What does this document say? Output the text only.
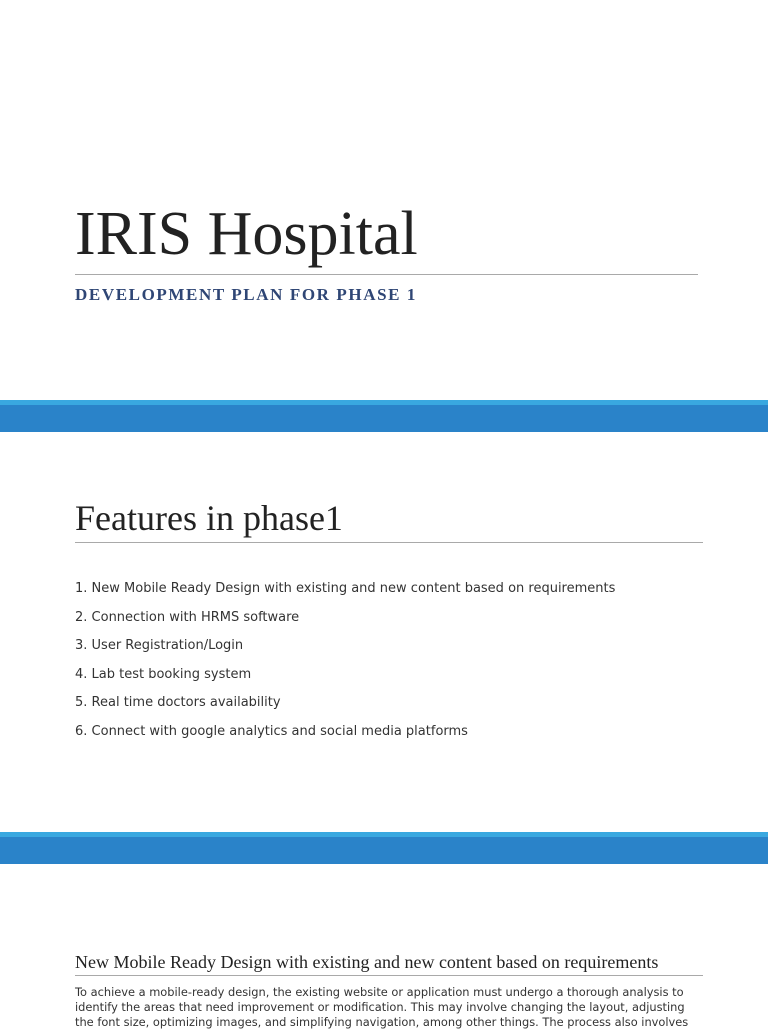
IRIS Hospital
DEVELOPMENT PLAN FOR PHASE 1
Features in phase1
1. New Mobile Ready Design with existing and new content based on requirements
2. Connection with HRMS software
3. User Registration/Login
4. Lab test booking system
5. Real time doctors availability
6. Connect with google analytics and social media platforms
New Mobile Ready Design with existing and new content based on requirements

To achieve a mobile-ready design, the existing website or application must undergo a thorough analysis to identify the areas that need improvement or modification. This may involve changing the layout, adjusting the font size, optimizing images, and simplifying navigation, among other things. The process also involves
